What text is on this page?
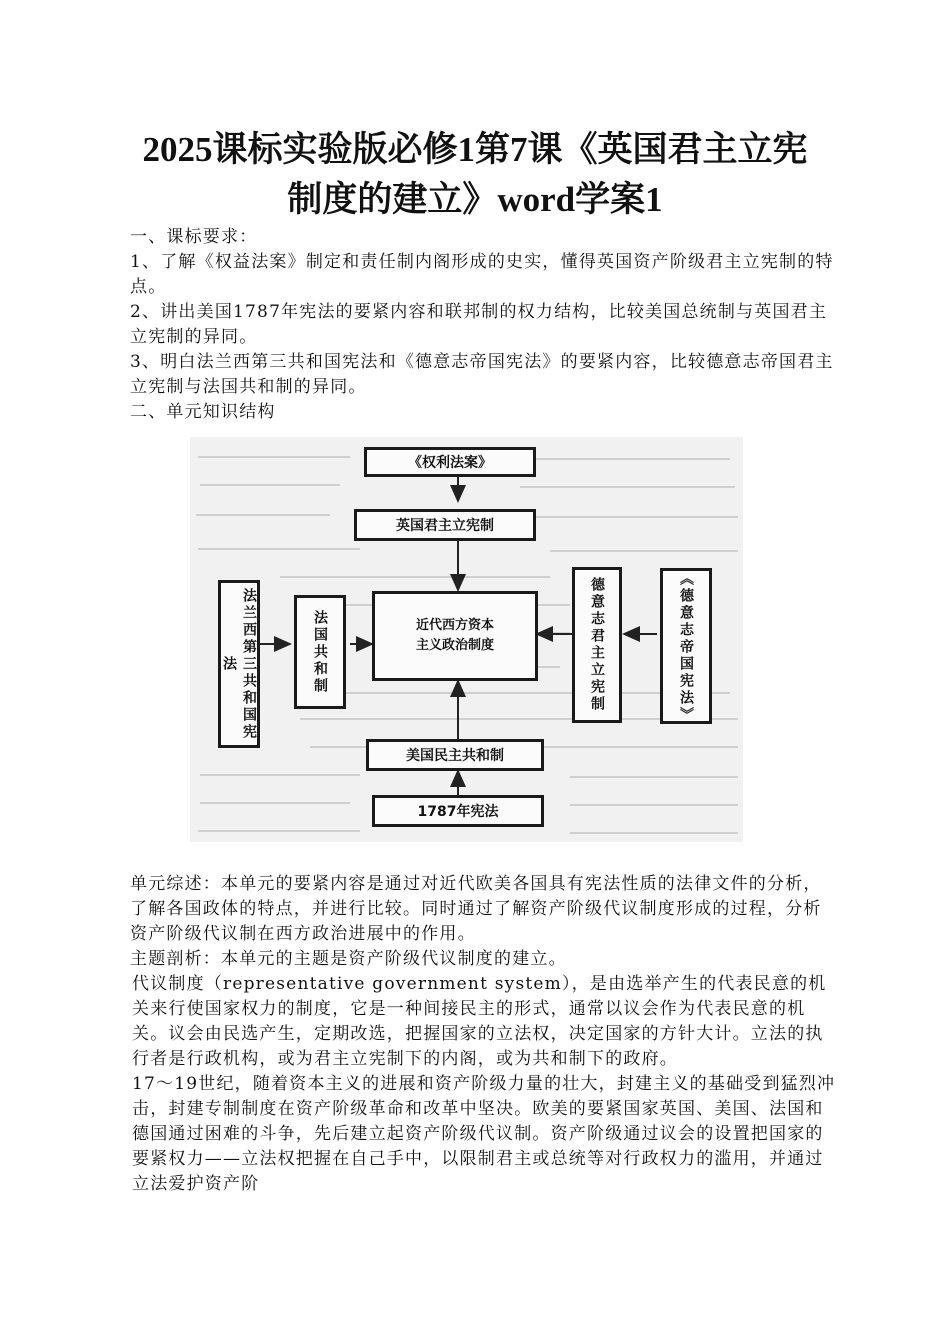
2025课标实验版必修1第7课《英国君主立宪
制度的建立》word学案1

一、课标要求：

1、了解《权益法案》制定和责任制内阁形成的史实，懂得英国资产阶级君主立宪制的特点。

2、讲出美国1787年宪法的要紧内容和联邦制的权力结构，比较美国总统制与英国君主立宪制的异同。

3、明白法兰西第三共和国宪法和《德意志帝国宪法》的要紧内容，比较德意志帝国君主立宪制与法国共和制的异同。

二、单元知识结构

《权利法案》
英国君主立宪制
近代西方资本
主义政治制度
法兰西第三共和国宪法	法国共和制	德意志君主立宪制	《德意志帝国宪法》
美国民主共和制
1787年宪法

单元综述：本单元的要紧内容是通过对近代欧美各国具有宪法性质的法律文件的分析，了解各国政体的特点，并进行比较。同时通过了解资产阶级代议制度形成的过程，分析资产阶级代议制在西方政治进展中的作用。

主题剖析：本单元的主题是资产阶级代议制度的建立。

代议制度（representative government system），是由选举产生的代表民意的机关来行使国家权力的制度，它是一种间接民主的形式，通常以议会作为代表民意的机关。议会由民选产生，定期改选，把握国家的立法权，决定国家的方针大计。立法的执行者是行政机构，或为君主立宪制下的内阁，或为共和制下的政府。

17～19世纪，随着资本主义的进展和资产阶级力量的壮大，封建主义的基础受到猛烈冲击，封建专制制度在资产阶级革命和改革中坚决。欧美的要紧国家英国、美国、法国和德国通过困难的斗争，先后建立起资产阶级代议制。资产阶级通过议会的设置把国家的要紧权力——立法权把握在自己手中，以限制君主或总统等对行政权力的滥用，并通过立法爱护资产阶
